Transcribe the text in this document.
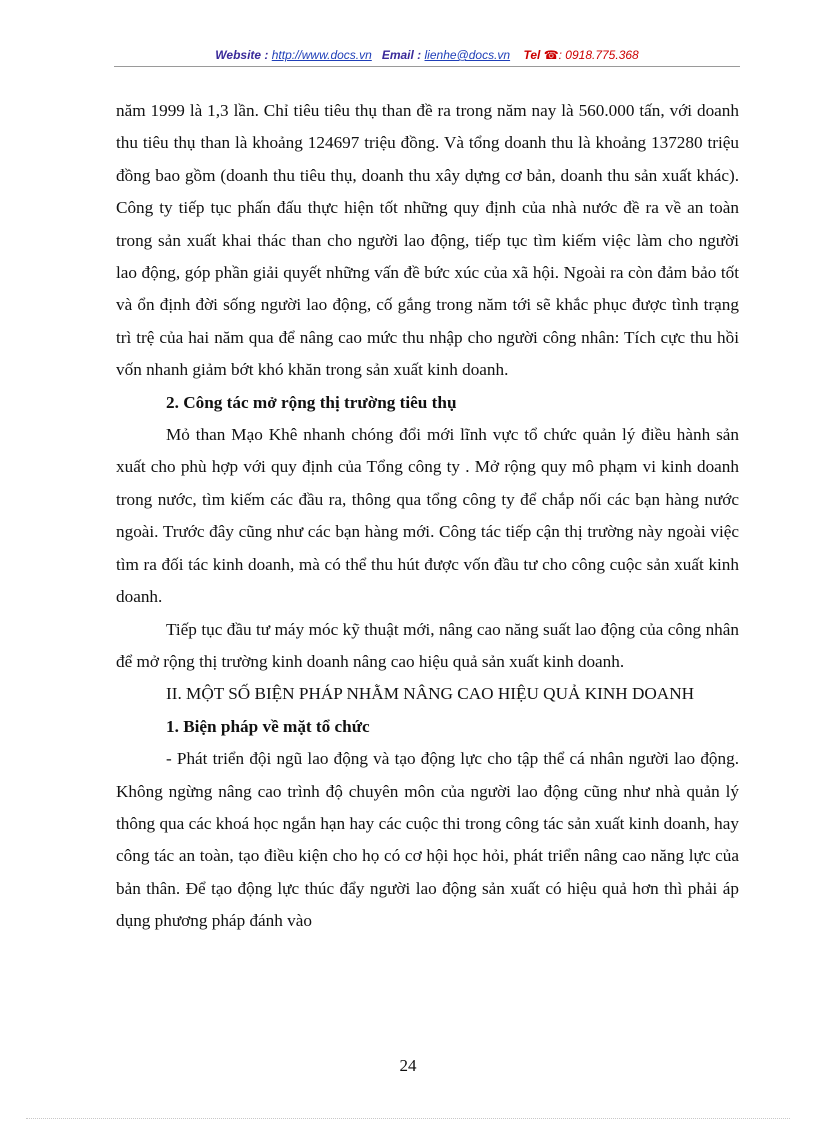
Website : http://www.docs.vn Email : lienhe@docs.vn Tel ☎: 0918.775.368

năm 1999 là 1,3 lần. Chỉ tiêu tiêu thụ than đề ra trong năm nay là 560.000 tấn, với doanh thu tiêu thụ than là khoảng 124697 triệu đồng. Và tổng doanh thu là khoảng 137280 triệu đồng bao gồm (doanh thu tiêu thụ, doanh thu xây dựng cơ bản, doanh thu sản xuất khác). Công ty tiếp tục phấn đấu thực hiện tốt những quy định của nhà nước đề ra về an toàn trong sản xuất khai thác than cho người lao động, tiếp tục tìm kiếm việc làm cho người lao động, góp phần giải quyết những vấn đề bức xúc của xã hội. Ngoài ra còn đảm bảo tốt và ổn định đời sống người lao động, cố gắng trong năm tới sẽ khắc phục được tình trạng trì trệ của hai năm qua để nâng cao mức thu nhập cho người công nhân: Tích cực thu hồi vốn nhanh giảm bớt khó khăn trong sản xuất kinh doanh.

2. Công tác mở rộng thị trường tiêu thụ

Mỏ than Mạo Khê nhanh chóng đổi mới lĩnh vực tổ chức quản lý điều hành sản xuất cho phù hợp với quy định của Tổng công ty . Mở rộng quy mô phạm vi kinh doanh trong nước, tìm kiếm các đầu ra, thông qua tổng công ty để chắp nối các bạn hàng nước ngoài. Trước đây cũng như các bạn hàng mới. Công tác tiếp cận thị trường này ngoài việc tìm ra đối tác kinh doanh, mà có thể thu hút được vốn đầu tư cho công cuộc sản xuất kinh doanh.

Tiếp tục đầu tư máy móc kỹ thuật mới, nâng cao năng suất lao động của công nhân để mở rộng thị trường kinh doanh nâng cao hiệu quả sản xuất kinh doanh.

II. MỘT SỐ BIỆN PHÁP NHẰM NÂNG CAO HIỆU QUẢ KINH DOANH

1. Biện pháp về mặt tổ chức

- Phát triển đội ngũ lao động và tạo động lực cho tập thể cá nhân người lao động. Không ngừng nâng cao trình độ chuyên môn của người lao động cũng như nhà quản lý thông qua các khoá học ngắn hạn hay các cuộc thi trong công tác sản xuất kinh doanh, hay công tác an toàn, tạo điều kiện cho họ có cơ hội học hỏi, phát triển nâng cao năng lực của bản thân. Để tạo động lực thúc đẩy người lao động sản xuất có hiệu quả hơn thì phải áp dụng phương pháp đánh vào

24
